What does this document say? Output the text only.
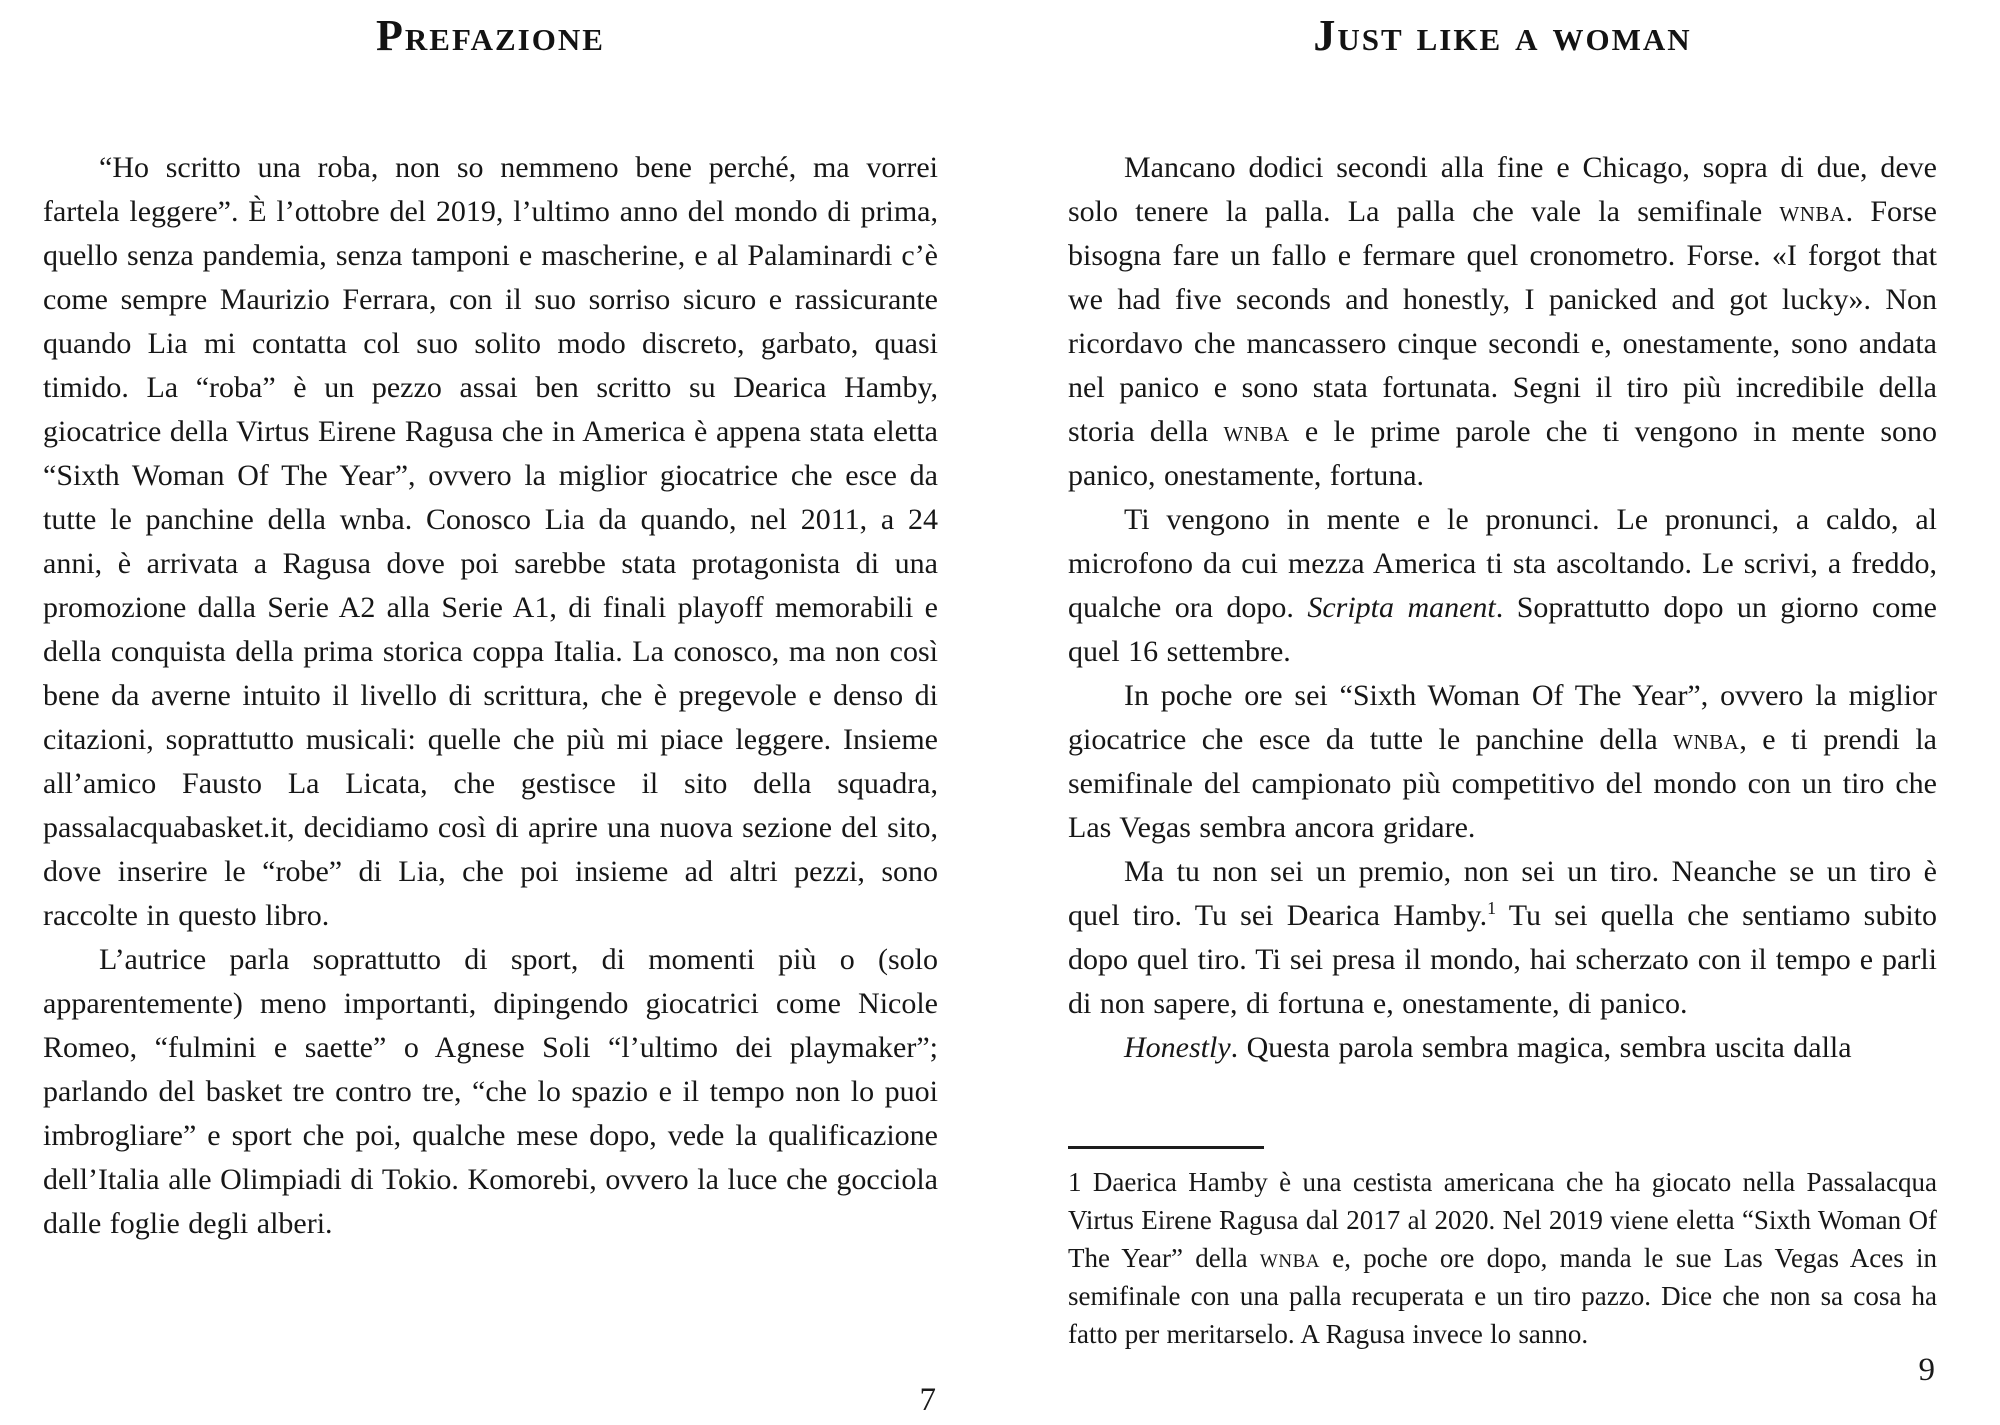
Prefazione

“Ho scritto una roba, non so nemmeno bene perché, ma vorrei fartela leggere”. È l’ottobre del 2019, l’ultimo anno del mondo di prima, quello senza pandemia, senza tamponi e mascherine, e al Palaminardi c’è come sempre Maurizio Ferrara, con il suo sorriso sicuro e rassicurante quando Lia mi contatta col suo solito modo discreto, garbato, quasi timido. La “roba” è un pezzo assai ben scritto su Dearica Hamby, giocatrice della Virtus Eirene Ragusa che in America è appena stata eletta “Sixth Woman Of The Year”, ovvero la miglior giocatrice che esce da tutte le panchine della wnba. Conosco Lia da quando, nel 2011, a 24 anni, è arrivata a Ragusa dove poi sarebbe stata protagonista di una promozione dalla Serie A2 alla Serie A1, di finali playoff memorabili e della conquista della prima storica coppa Italia. La conosco, ma non così bene da averne intuito il livello di scrittura, che è pregevole e denso di citazioni, soprattutto musicali: quelle che più mi piace leggere. Insieme all’amico Fausto La Licata, che gestisce il sito della squadra, passalacquabasket.it, decidiamo così di aprire una nuova sezione del sito, dove inserire le “robe” di Lia, che poi insieme ad altri pezzi, sono raccolte in questo libro.

L’autrice parla soprattutto di sport, di momenti più o (solo apparentemente) meno importanti, dipingendo giocatrici come Nicole Romeo, “fulmini e saette” o Agnese Soli “l’ultimo dei playmaker”; parlando del basket tre contro tre, “che lo spazio e il tempo non lo puoi imbrogliare” e sport che poi, qualche mese dopo, vede la qualificazione dell’Italia alle Olimpiadi di Tokio. Komorebi, ovvero la luce che gocciola dalle foglie degli alberi.

7
Just like a woman

Mancano dodici secondi alla fine e Chicago, sopra di due, deve solo tenere la palla. La palla che vale la semifinale wnba. Forse bisogna fare un fallo e fermare quel cronometro. Forse. «I forgot that we had five seconds and honestly, I panicked and got lucky». Non ricordavo che mancassero cinque secondi e, onestamente, sono andata nel panico e sono stata fortunata. Segni il tiro più incredibile della storia della wnba e le prime parole che ti vengono in mente sono panico, onestamente, fortuna.

Ti vengono in mente e le pronunci. Le pronunci, a caldo, al microfono da cui mezza America ti sta ascoltando. Le scrivi, a freddo, qualche ora dopo. Scripta manent. Soprattutto dopo un giorno come quel 16 settembre.

In poche ore sei “Sixth Woman Of The Year”, ovvero la miglior giocatrice che esce da tutte le panchine della wnba, e ti prendi la semifinale del campionato più competitivo del mondo con un tiro che Las Vegas sembra ancora gridare.

Ma tu non sei un premio, non sei un tiro. Neanche se un tiro è quel tiro. Tu sei Dearica Hamby.$^1$ Tu sei quella che sentiamo subito dopo quel tiro. Ti sei presa il mondo, hai scherzato con il tempo e parli di non sapere, di fortuna e, onestamente, di panico.

Honestly. Questa parola sembra magica, sembra uscita dalla

1 Daerica Hamby è una cestista americana che ha giocato nella Passalacqua Virtus Eirene Ragusa dal 2017 al 2020. Nel 2019 viene eletta “Sixth Woman Of The Year” della wnba e, poche ore dopo, manda le sue Las Vegas Aces in semifinale con una palla recuperata e un tiro pazzo. Dice che non sa cosa ha fatto per meritarselo. A Ragusa invece lo sanno.

9
